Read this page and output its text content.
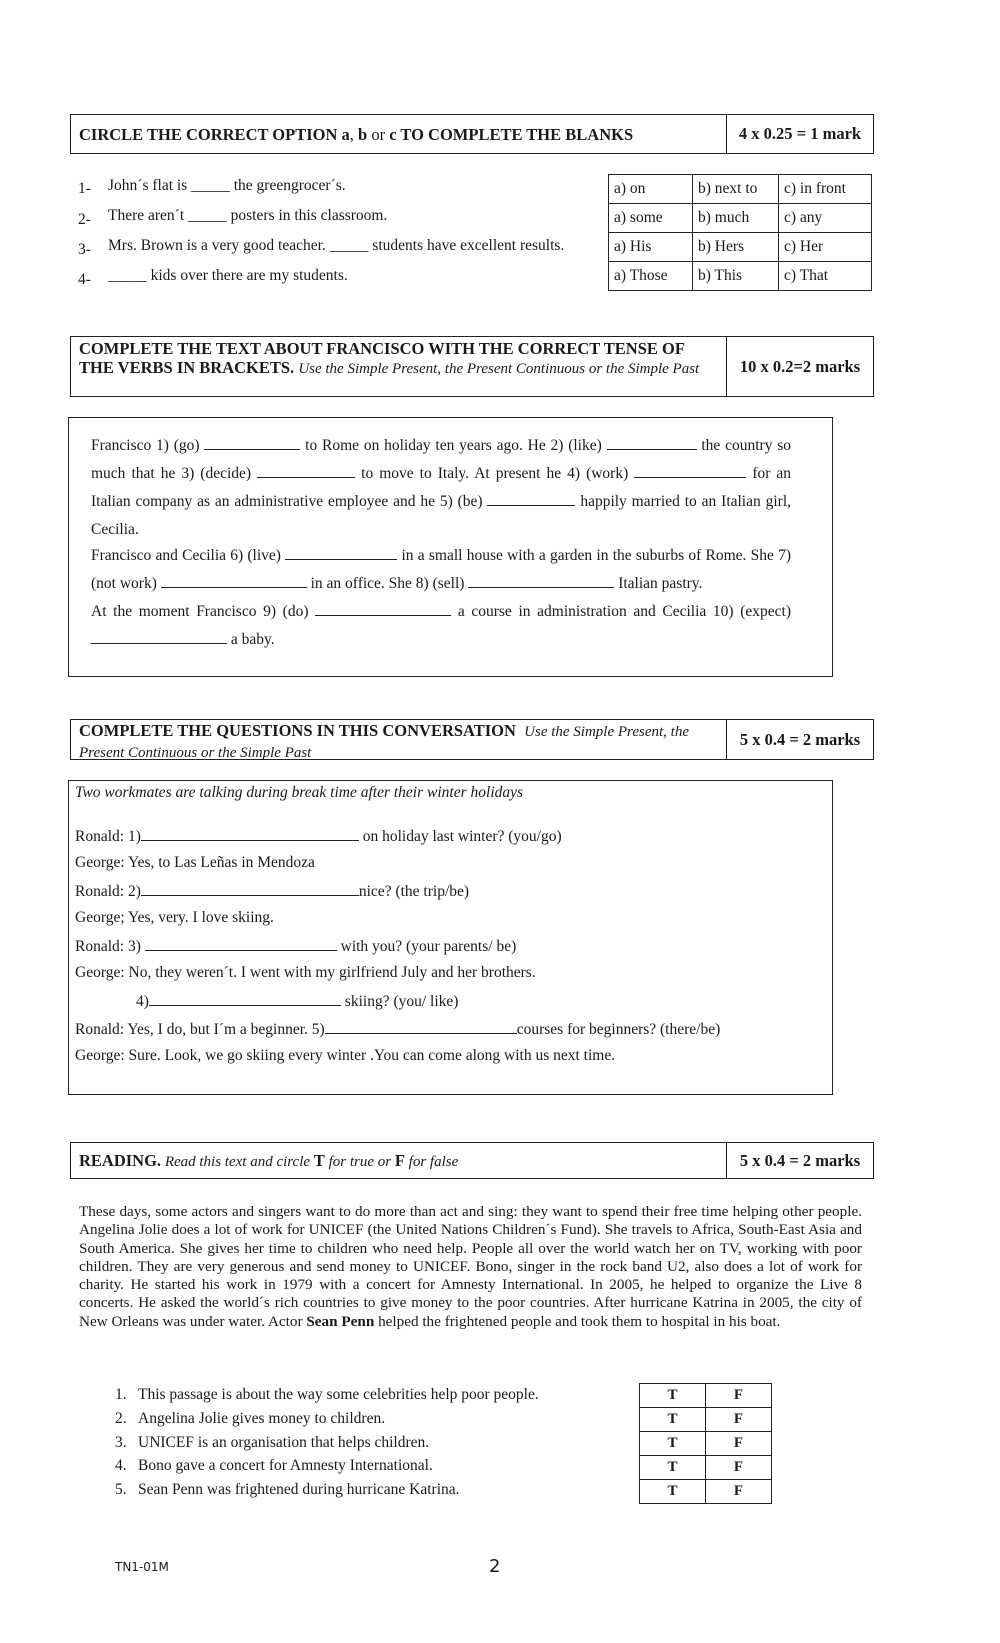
CIRCLE THE CORRECT OPTION a, b or c TO COMPLETE THE BLANKS	4 x 0.25 = 1 mark
1- John´s flat is _____ the greengrocer´s.
2- There aren´t _____ posters in this classroom.
3- Mrs. Brown is a very good teacher. _____ students have excellent results.
4- _____ kids over there are my students.
a) on	b) next to	c) in front
a) some	b) much	c) any
a) His	b) Hers	c) Her
a) Those	b) This	c) That
COMPLETE THE TEXT ABOUT FRANCISCO WITH THE CORRECT TENSE OF THE VERBS IN BRACKETS. Use the Simple Present, the Present Continuous or the Simple Past	10 x 0.2=2 marks
Francisco 1) (go)	to Rome on holiday ten years ago. He 2) (like)	the country so much that he 3) (decide)	to move to Italy. At present he 4) (work)	for an Italian company as an administrative employee and he 5) (be)	happily married to an Italian girl, Cecilia.
Francisco and Cecilia 6) (live)	in a small house with a garden in the suburbs of Rome. She 7) (not work)	in an office. She 8) (sell)	Italian pastry.
At the moment Francisco 9) (do)	a course in administration and Cecilia 10) (expect)  a baby.
COMPLETE THE QUESTIONS IN THIS CONVERSATION Use the Simple Present, the Present Continuous or the Simple Past
5 x 0.4 = 2 marks
Two workmates are talking during break time after their winter holidays
Ronald: 1)	on holiday last winter? (you/go)
George: Yes, to Las Leñas in Mendoza
Ronald: 2)	nice? (the trip/be)
George; Yes, very. I love skiing.
Ronald: 3)	with you? (your parents/ be)
George: No, they weren´t. I went with my girlfriend July and her brothers.
4)	skiing? (you/ like)
Ronald: Yes, I do, but I´m a beginner. 5)	courses for beginners? (there/be)
George: Sure. Look, we go skiing every winter .You can come along with us next time.
READING. Read this text and circle T for true or F for false	5 x 0.4 = 2 marks
These days, some actors and singers want to do more than act and sing: they want to spend their free time helping other people. Angelina Jolie does a lot of work for UNICEF (the United Nations Children´s Fund). She travels to Africa, South-East Asia and South America. She gives her time to children who need help. People all over the world watch her on TV, working with poor children. They are very generous and send money to UNICEF. Bono, singer in the rock band U2, also does a lot of work for charity. He started his work in 1979 with a concert for Amnesty International. In 2005, he helped to organize the Live 8 concerts. He asked the world´s rich countries to give money to the poor countries. After hurricane Katrina in 2005, the city of New Orleans was under water. Actor Sean Penn helped the frightened people and took them to hospital in his boat.
1. This passage is about the way some celebrities help poor people.
2. Angelina Jolie gives money to children.
3. UNICEF is an organisation that helps children.
4. Bono gave a concert for Amnesty International.
5. Sean Penn was frightened during hurricane Katrina.
T	F
T	F
T	F
T	F
T	F
TN1-01M	2
